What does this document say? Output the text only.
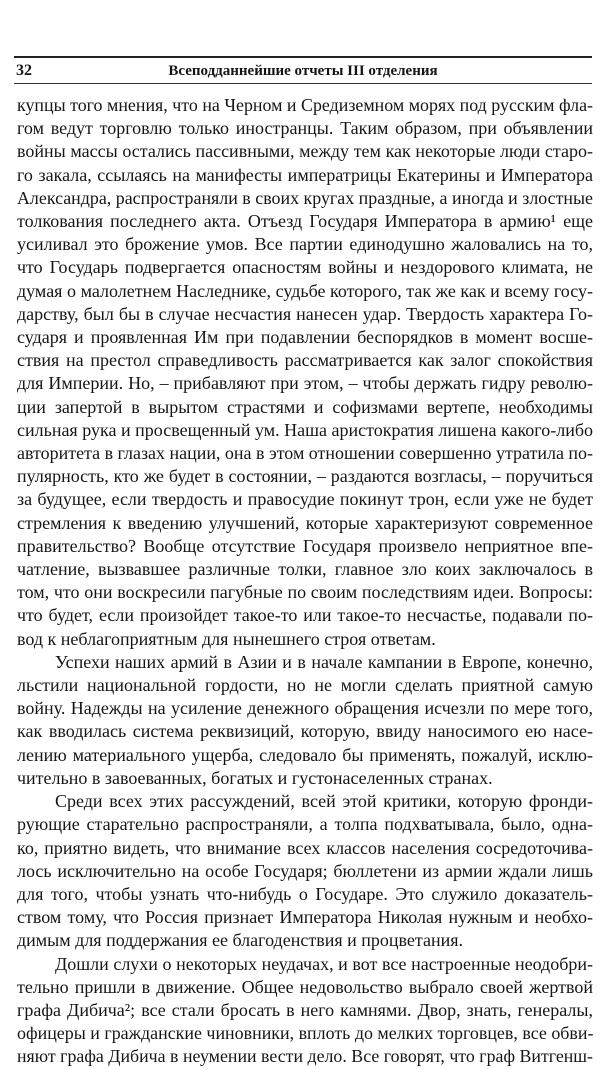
32	Всеподданнейшие отчеты III отделения
купцы того мнения, что на Черном и Средиземном морях под русским фла-
гом ведут торговлю только иностранцы. Таким образом, при объявлении
войны массы остались пассивными, между тем как некоторые люди старо-
го закала, ссылаясь на манифесты императрицы Екатерины и Императора
Александра, распространяли в своих кругах праздные, а иногда и злостные
толкования последнего акта. Отъезд Государя Императора в армию¹ еще
усиливал это брожение умов. Все партии единодушно жаловались на то,
что Государь подвергается опасностям войны и нездорового климата, не
думая о малолетнем Наследнике, судьбе которого, так же как и всему госу-
дарству, был бы в случае несчастия нанесен удар. Твердость характера Го-
сударя и проявленная Им при подавлении беспорядков в момент восше-
ствия на престол справедливость рассматривается как залог спокойствия
для Империи. Но, – прибавляют при этом, – чтобы держать гидру револю-
ции запертой в вырытом страстями и софизмами вертепе, необходимы
сильная рука и просвещенный ум. Наша аристократия лишена какого-либо
авторитета в глазах нации, она в этом отношении совершенно утратила по-
пулярность, кто же будет в состоянии, – раздаются возгласы, – поручиться
за будущее, если твердость и правосудие покинут трон, если уже не будет
стремления к введению улучшений, которые характеризуют современное
правительство? Вообще отсутствие Государя произвело неприятное впе-
чатление, вызвавшее различные толки, главное зло коих заключалось в
том, что они воскресили пагубные по своим последствиям идеи. Вопросы:
что будет, если произойдет такое-то или такое-то несчастье, подавали по-
вод к неблагоприятным для нынешнего строя ответам.
Успехи наших армий в Азии и в начале кампании в Европе, конечно,
льстили национальной гордости, но не могли сделать приятной самую
войну. Надежды на усиление денежного обращения исчезли по мере того,
как вводилась система реквизиций, которую, ввиду наносимого ею насе-
лению материального ущерба, следовало бы применять, пожалуй, исклю-
чительно в завоеванных, богатых и густонаселенных странах.
Среди всех этих рассуждений, всей этой критики, которую фронди-
рующие старательно распространяли, а толпа подхватывала, было, одна-
ко, приятно видеть, что внимание всех классов населения сосредоточива-
лось исключительно на особе Государя; бюллетени из армии ждали лишь
для того, чтобы узнать что-нибудь о Государе. Это служило доказатель-
ством тому, что Россия признает Императора Николая нужным и необхо-
димым для поддержания ее благоденствия и процветания.
Дошли слухи о некоторых неудачах, и вот все настроенные неодобри-
тельно пришли в движение. Общее недовольство выбрало своей жертвой
графа Дибича²; все стали бросать в него камнями. Двор, знать, генералы,
офицеры и гражданские чиновники, вплоть до мелких торговцев, все обви-
няют графа Дибича в неумении вести дело. Все говорят, что граф Витгенш-
